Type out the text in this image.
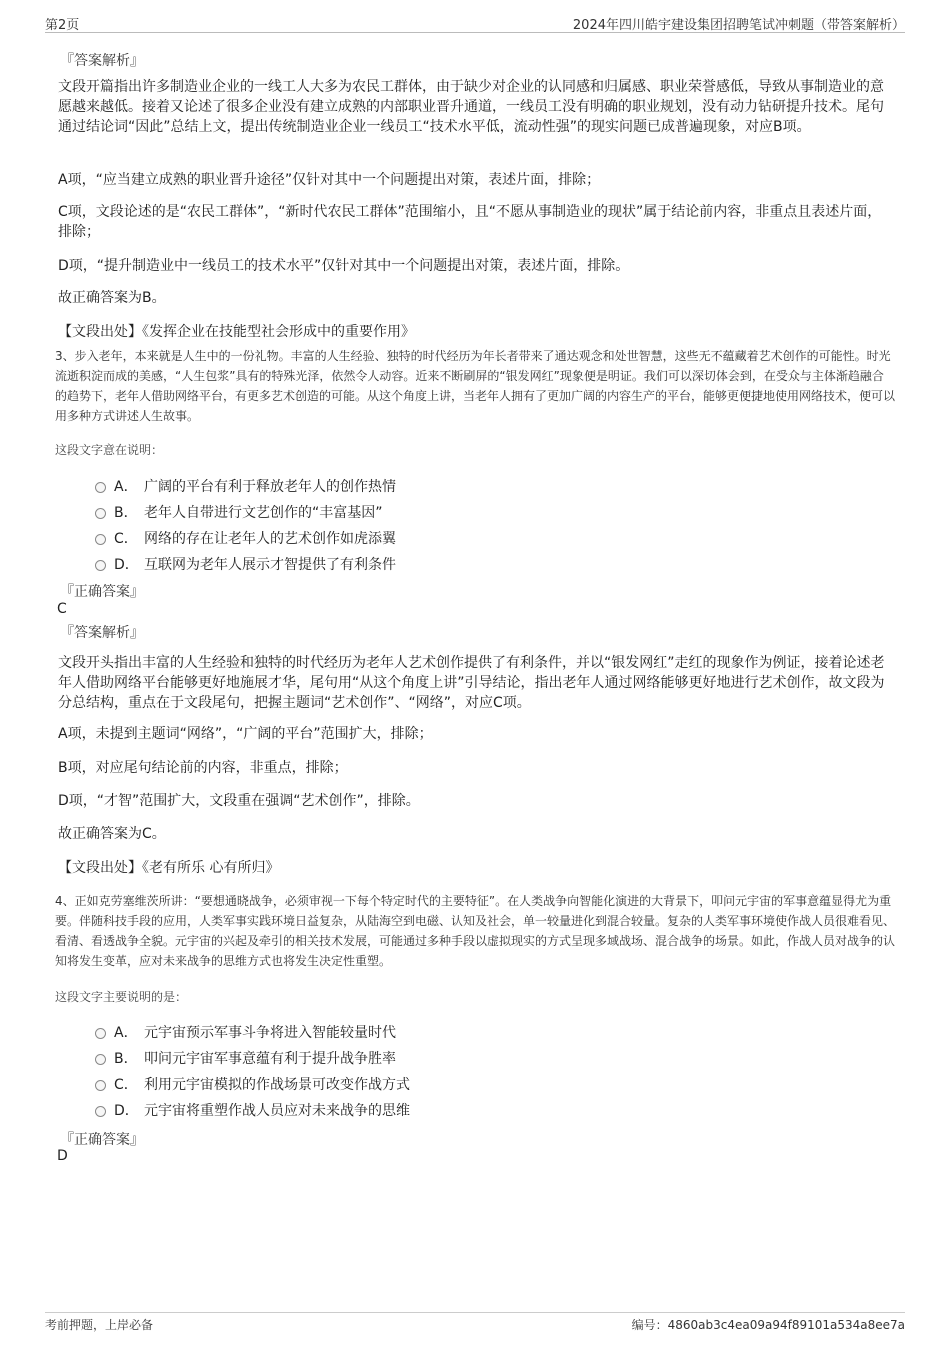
第2页	2024年四川皓宇建设集团招聘笔试冲刺题（带答案解析）
『答案解析』

文段开篇指出许多制造业企业的一线工人大多为农民工群体，由于缺少对企业的认同感和归属感、职业荣誉感低，导致从事制造业的意愿越来越低。接着又论述了很多企业没有建立成熟的内部职业晋升通道，一线员工没有明确的职业规划，没有动力钻研提升技术。尾句通过结论词“因此”总结上文，提出传统制造业企业一线员工“技术水平低，流动性强”的现实问题已成普遍现象，对应B项。

A项，“应当建立成熟的职业晋升途径”仅针对其中一个问题提出对策，表述片面，排除；

C项，文段论述的是“农民工群体”，“新时代农民工群体”范围缩小，且“不愿从事制造业的现状”属于结论前内容，非重点且表述片面，排除；

D项，“提升制造业中一线员工的技术水平”仅针对其中一个问题提出对策，表述片面，排除。

故正确答案为B。

【文段出处】《发挥企业在技能型社会形成中的重要作用》

3、步入老年，本来就是人生中的一份礼物。丰富的人生经验、独特的时代经历为年长者带来了通达观念和处世智慧，这些无不蕴藏着艺术创作的可能性。时光流逝积淀而成的美感，“人生包浆”具有的特殊光泽，依然令人动容。近来不断刷屏的“银发网红”现象便是明证。我们可以深切体会到，在受众与主体渐趋融合的趋势下，老年人借助网络平台，有更多艺术创造的可能。从这个角度上讲，当老年人拥有了更加广阔的内容生产的平台，能够更便捷地使用网络技术，便可以用多种方式讲述人生故事。

这段文字意在说明：
A． 广阔的平台有利于释放老年人的创作热情
B． 老年人自带进行文艺创作的“丰富基因”
C． 网络的存在让老年人的艺术创作如虎添翼
D． 互联网为老年人展示才智提供了有利条件
『正确答案』
C
『答案解析』

文段开头指出丰富的人生经验和独特的时代经历为老年人艺术创作提供了有利条件，并以“银发网红”走红的现象作为例证，接着论述老年人借助网络平台能够更好地施展才华，尾句用“从这个角度上讲”引导结论，指出老年人通过网络能够更好地进行艺术创作，故文段为分总结构，重点在于文段尾句，把握主题词“艺术创作”、“网络”，对应C项。

A项，未提到主题词“网络”，“广阔的平台”范围扩大，排除；

B项，对应尾句结论前的内容，非重点，排除；

D项，“才智”范围扩大，文段重在强调“艺术创作”，排除。

故正确答案为C。

【文段出处】《老有所乐 心有所归》

4、正如克劳塞维茨所讲：“要想通晓战争，必须审视一下每个特定时代的主要特征”。在人类战争向智能化演进的大背景下，叩问元宇宙的军事意蕴显得尤为重要。伴随科技手段的应用，人类军事实践环境日益复杂，从陆海空到电磁、认知及社会，单一较量进化到混合较量。复杂的人类军事环境使作战人员很难看见、看清、看透战争全貌。元宇宙的兴起及牵引的相关技术发展，可能通过多种手段以虚拟现实的方式呈现多域战场、混合战争的场景。如此，作战人员对战争的认知将发生变革，应对未来战争的思维方式也将发生决定性重塑。

这段文字主要说明的是：
A． 元宇宙预示军事斗争将进入智能较量时代
B． 叩问元宇宙军事意蕴有利于提升战争胜率
C． 利用元宇宙模拟的作战场景可改变作战方式
D． 元宇宙将重塑作战人员应对未来战争的思维
『正确答案』
D
考前押题，上岸必备	编号：4860ab3c4ea09a94f89101a534a8ee7a
